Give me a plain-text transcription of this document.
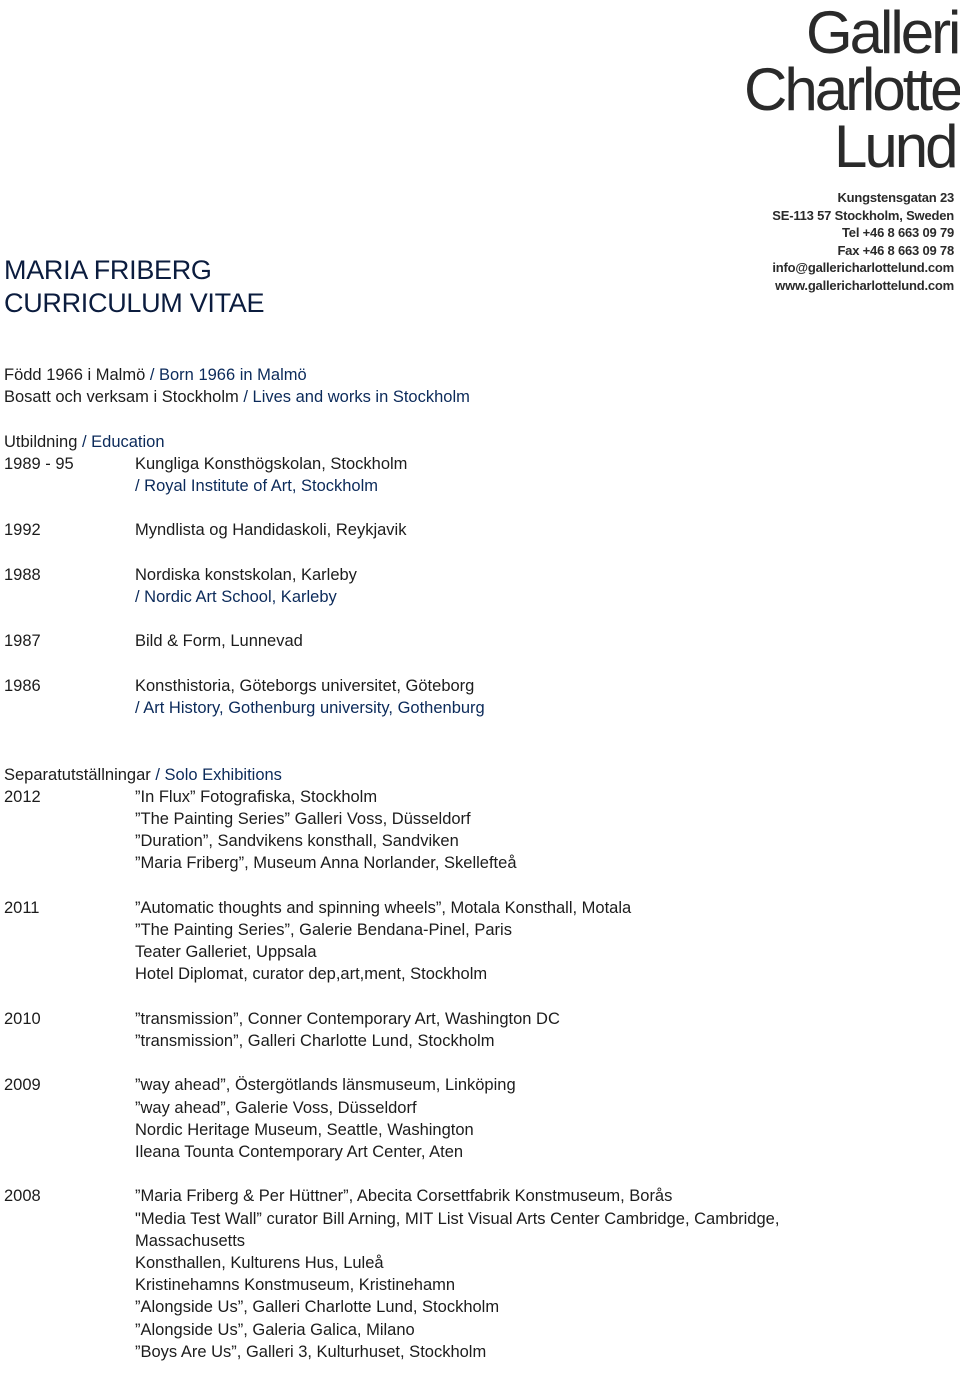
Galleri
Charlotte
Lund
Kungstensgatan 23
SE-113 57 Stockholm, Sweden
Tel +46 8 663 09 79
Fax +46 8 663 09 78
info@gallericharlottelund.com
www.gallericharlottelund.com
MARIA FRIBERG
CURRICULUM VITAE
Född 1966 i Malmö / Born 1966 in Malmö
Bosatt och verksam i Stockholm / Lives and works in Stockholm
Utbildning / Education
1989 - 95	Kungliga Konsthögskolan, Stockholm
/ Royal Institute of Art, Stockholm
1992	Myndlista og Handidaskoli, Reykjavik
1988	Nordiska konstskolan, Karleby
/ Nordic Art School, Karleby
1987	Bild & Form, Lunnevad
1986	Konsthistoria, Göteborgs universitet, Göteborg
/ Art History, Gothenburg university, Gothenburg
Separatutställningar / Solo Exhibitions
2012	”In Flux” Fotografiska, Stockholm
”The Painting Series” Galleri Voss, Düsseldorf
”Duration”, Sandvikens konsthall, Sandviken
”Maria Friberg”, Museum Anna Norlander, Skellefteå
2011	”Automatic thoughts and spinning wheels”, Motala Konsthall, Motala
”The Painting Series”, Galerie Bendana-Pinel, Paris
Teater Galleriet, Uppsala
Hotel Diplomat, curator dep,art,ment, Stockholm
2010	”transmission”, Conner Contemporary Art, Washington DC
”transmission”, Galleri Charlotte Lund, Stockholm
2009	”way ahead”, Östergötlands länsmuseum, Linköping
”way ahead”, Galerie Voss, Düsseldorf
Nordic Heritage Museum, Seattle, Washington
Ileana Tounta Contemporary Art Center, Aten
2008	”Maria Friberg & Per Hüttner”, Abecita Corsettfabrik Konstmuseum, Borås
"Media Test Wall” curator Bill Arning, MIT List Visual Arts Center Cambridge, Cambridge, Massachusetts
Konsthallen, Kulturens Hus, Luleå
Kristinehamns Konstmuseum, Kristinehamn
”Alongside Us”, Galleri Charlotte Lund, Stockholm
”Alongside Us”, Galeria Galica, Milano
”Boys Are Us”, Galleri 3, Kulturhuset, Stockholm
